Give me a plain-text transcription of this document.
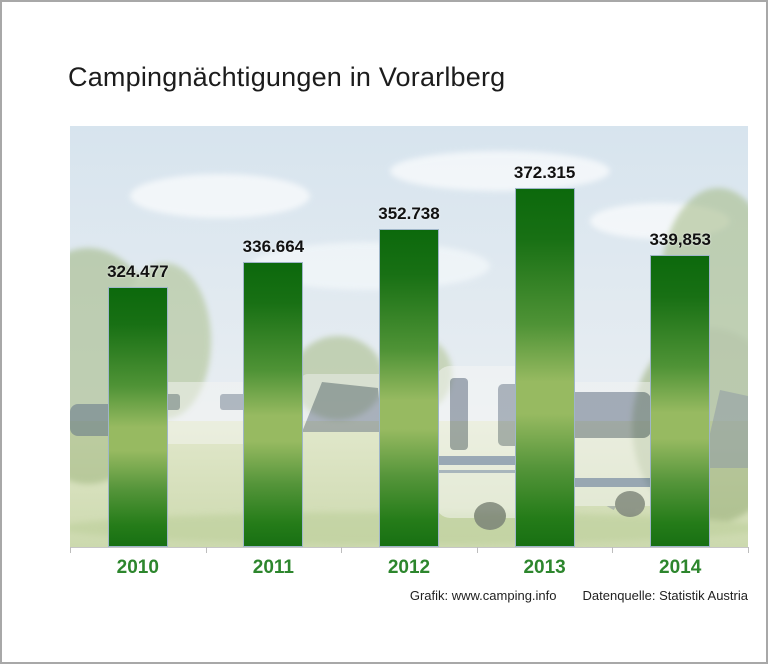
Campingnächtigungen in Vorarlberg
324.477
336.664
352.738
372.315
339,853
2010	2011	2012	2013	2014
Grafik: www.camping.info Datenquelle: Statistik Austria
